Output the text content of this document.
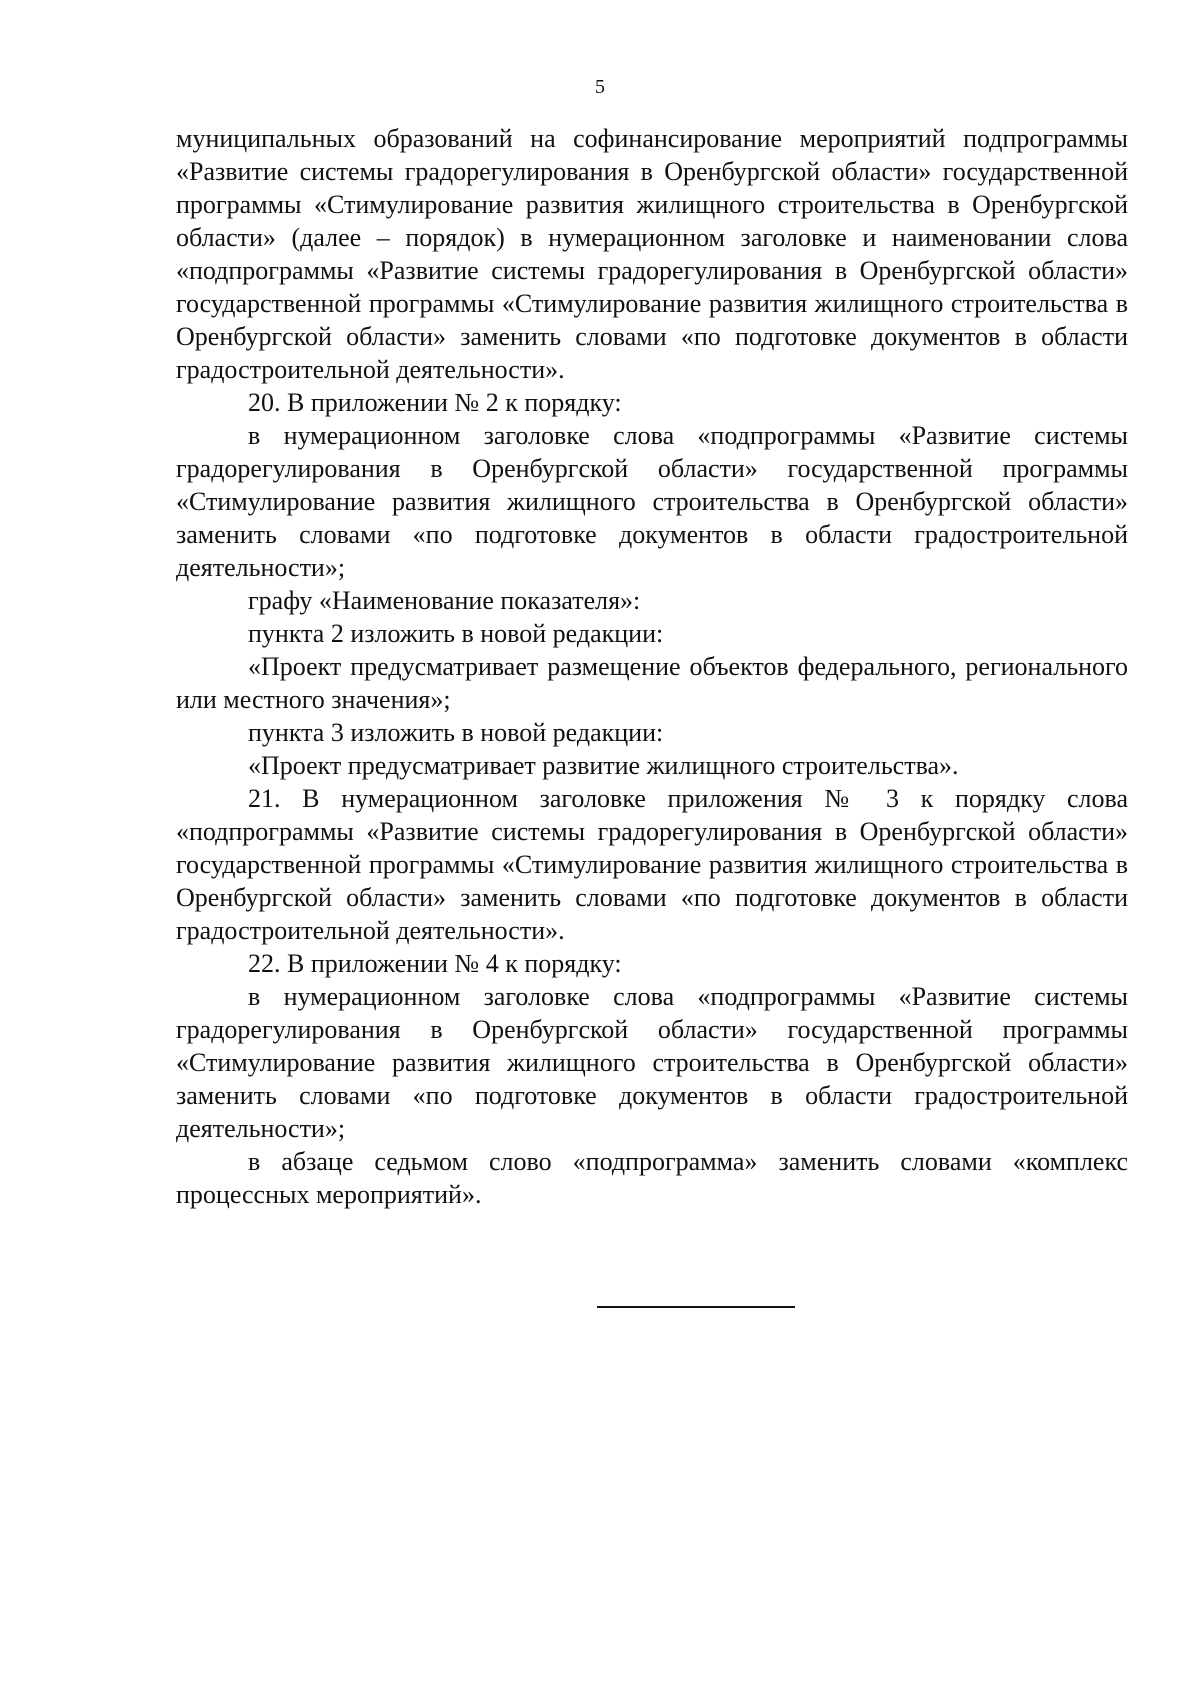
5

муниципальных образований на софинансирование мероприятий подпрограммы «Развитие системы градорегулирования в Оренбургской области» государственной программы «Стимулирование развития жилищного строительства в Оренбургской области» (далее – порядок) в нумерационном заголовке и наименовании слова «подпрограммы «Развитие системы градорегулирования в Оренбургской области» государственной программы «Стимулирование развития жилищного строительства в Оренбургской области» заменить словами «по подготовке документов в области градостроительной деятельности».

20. В приложении № 2 к порядку:

в нумерационном заголовке слова «подпрограммы «Развитие системы градорегулирования в Оренбургской области» государственной программы «Стимулирование развития жилищного строительства в Оренбургской области» заменить словами «по подготовке документов в области градостроительной деятельности»;

графу «Наименование показателя»:

пункта 2 изложить в новой редакции:

«Проект предусматривает размещение объектов федерального, регионального или местного значения»;

пункта 3 изложить в новой редакции:

«Проект предусматривает развитие жилищного строительства».

21. В нумерационном заголовке приложения № 3 к порядку слова «подпрограммы «Развитие системы градорегулирования в Оренбургской области» государственной программы «Стимулирование развития жилищного строительства в Оренбургской области» заменить словами «по подготовке документов в области градостроительной деятельности».

22. В приложении № 4 к порядку:

в нумерационном заголовке слова «подпрограммы «Развитие системы градорегулирования в Оренбургской области» государственной программы «Стимулирование развития жилищного строительства в Оренбургской области» заменить словами «по подготовке документов в области градостроительной деятельности»;

в абзаце седьмом слово «подпрограмма» заменить словами «комплекс процессных мероприятий».
